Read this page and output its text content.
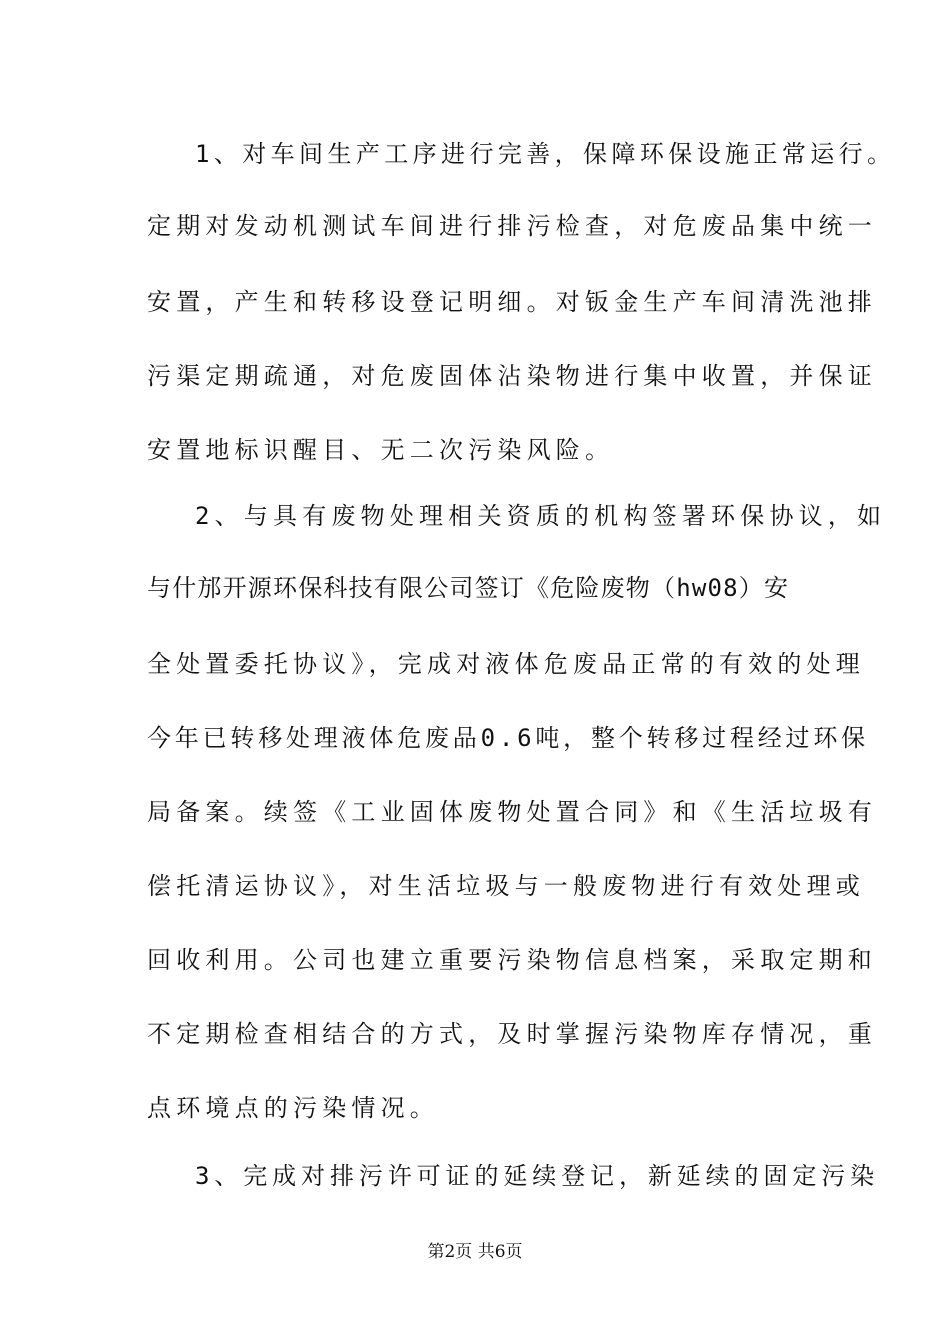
1、对车间生产工序进行完善，保障环保设施正常运行。
定期对发动机测试车间进行排污检查，对危废品集中统一
安置，产生和转移设登记明细。对钣金生产车间清洗池排
污渠定期疏通，对危废固体沾染物进行集中收置，并保证
安置地标识醒目、无二次污染风险。
2、与具有废物处理相关资质的机构签署环保协议，如
与什邡开源环保科技有限公司签订《危险废物（hw08）安
全处置委托协议》，完成对液体危废品正常的有效的处理
今年已转移处理液体危废品0.6吨，整个转移过程经过环保
局备案。续签《工业固体废物处置合同》和《生活垃圾有
偿托清运协议》，对生活垃圾与一般废物进行有效处理或
回收利用。公司也建立重要污染物信息档案，采取定期和
不定期检查相结合的方式，及时掌握污染物库存情况，重
点环境点的污染情况。
3、完成对排污许可证的延续登记，新延续的固定污染
第2页 共6页
